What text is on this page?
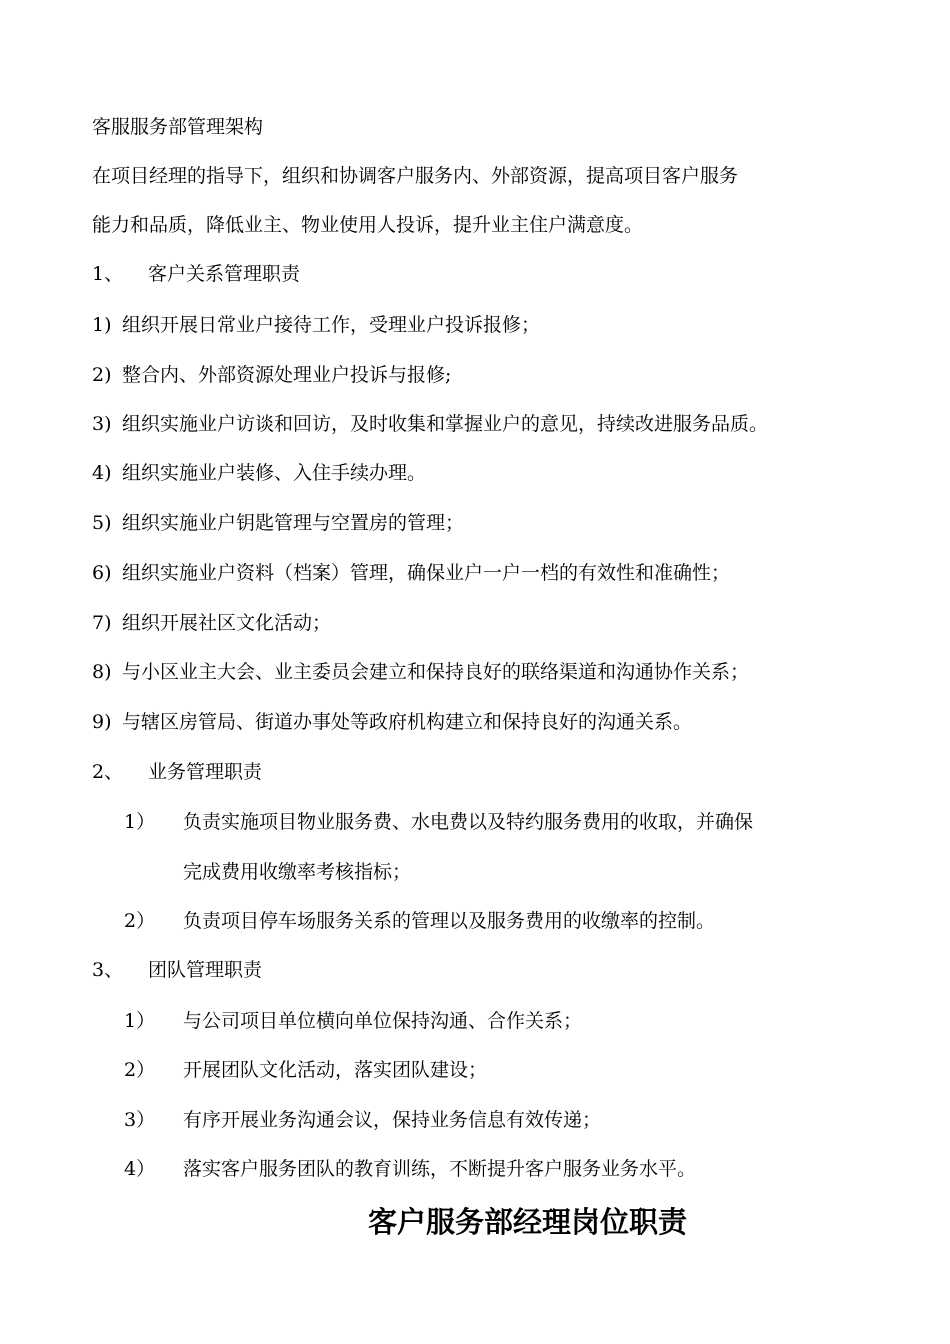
客服服务部管理架构
在项目经理的指导下，组织和协调客户服务内、外部资源，提高项目客户服务
能力和品质，降低业主、物业使用人投诉，提升业主住户满意度。
1、 客户关系管理职责
1) 组织开展日常业户接待工作，受理业户投诉报修；
2) 整合内、外部资源处理业户投诉与报修;
3) 组织实施业户访谈和回访，及时收集和掌握业户的意见，持续改进服务品质。
4) 组织实施业户装修、入住手续办理。
5) 组织实施业户钥匙管理与空置房的管理；
6) 组织实施业户资料（档案）管理，确保业户一户一档的有效性和准确性；
7) 组织开展社区文化活动；
8) 与小区业主大会、业主委员会建立和保持良好的联络渠道和沟通协作关系；
9) 与辖区房管局、街道办事处等政府机构建立和保持良好的沟通关系。
2、 业务管理职责
1） 负责实施项目物业服务费、水电费以及特约服务费用的收取，并确保
完成费用收缴率考核指标；
2） 负责项目停车场服务关系的管理以及服务费用的收缴率的控制。
3、 团队管理职责
1） 与公司项目单位横向单位保持沟通、合作关系；
2） 开展团队文化活动，落实团队建设；
3） 有序开展业务沟通会议，保持业务信息有效传递；
4） 落实客户服务团队的教育训练，不断提升客户服务业务水平。
客户服务部经理岗位职责
